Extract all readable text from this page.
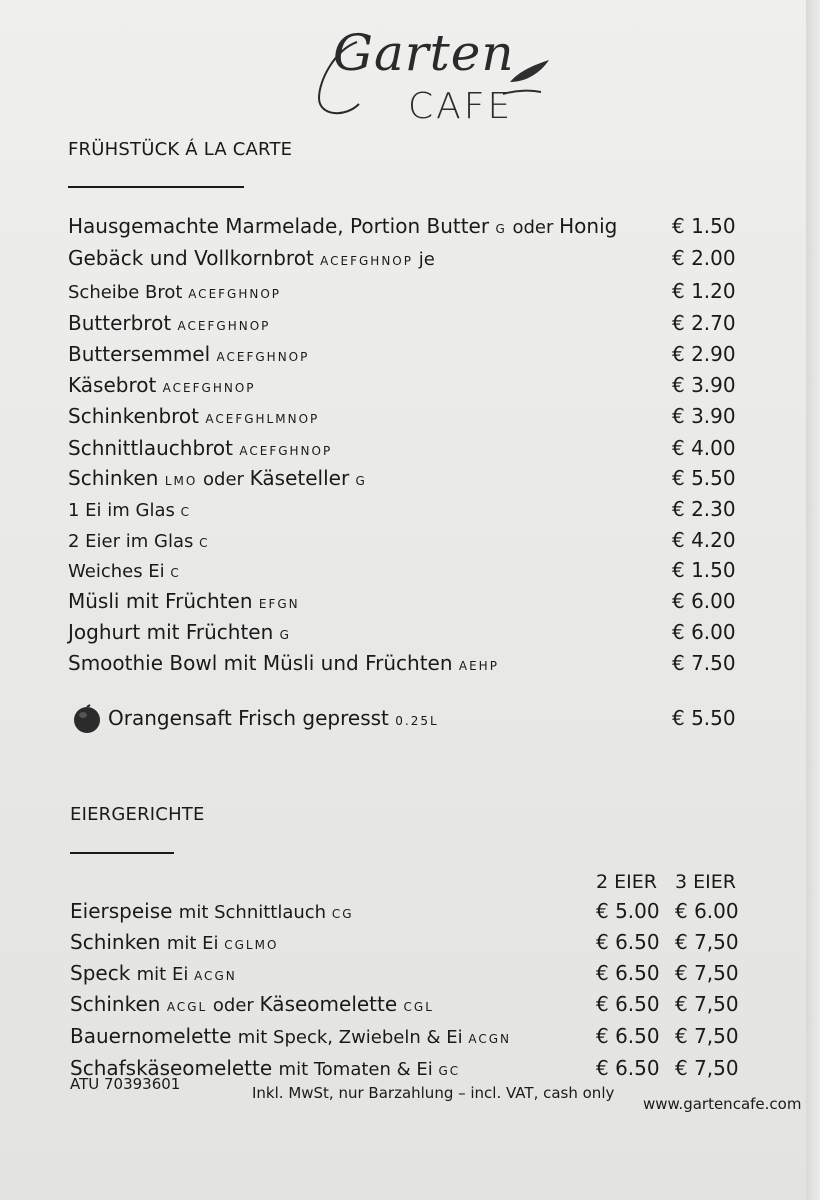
Garten
CAFE
FRÜHSTÜCK Á LA CARTE
Hausgemachte Marmelade, Portion Butter G oder Honig	€ 1.50
Gebäck und Vollkornbrot ACEFGHNOP je	€ 2.00
Scheibe Brot ACEFGHNOP	€ 1.20
Butterbrot ACEFGHNOP	€ 2.70
Buttersemmel ACEFGHNOP	€ 2.90
Käsebrot ACEFGHNOP	€ 3.90
Schinkenbrot ACEFGHLMNOP	€ 3.90
Schnittlauchbrot ACEFGHNOP	€ 4.00
Schinken LMO oder Käseteller G	€ 5.50
1 Ei im Glas C	€ 2.30
2 Eier im Glas C	€ 4.20
Weiches Ei C	€ 1.50
Müsli mit Früchten EFGN	€ 6.00
Joghurt mit Früchten G	€ 6.00
Smoothie Bowl mit Müsli und Früchten AEHP	€ 7.50
Orangensaft Frisch gepresst 0.25L	€ 5.50
EIERGERICHTE
2 EIER 3 EIER
Eierspeise mit Schnittlauch CG	€ 5.00 € 6.00
Schinken mit Ei CGLMO	€ 6.50 € 7,50
Speck mit Ei ACGN	€ 6.50 € 7,50
Schinken ACGL oder Käseomelette CGL	€ 6.50 € 7,50
Bauernomelette mit Speck, Zwiebeln & Ei ACGN	€ 6.50 € 7,50
Schafskäseomelette mit Tomaten & Ei GC	€ 6.50 € 7,50
ATU 70393601	Inkl. MwSt, nur Barzahlung – incl. VAT, cash only
www.gartencafe.com
